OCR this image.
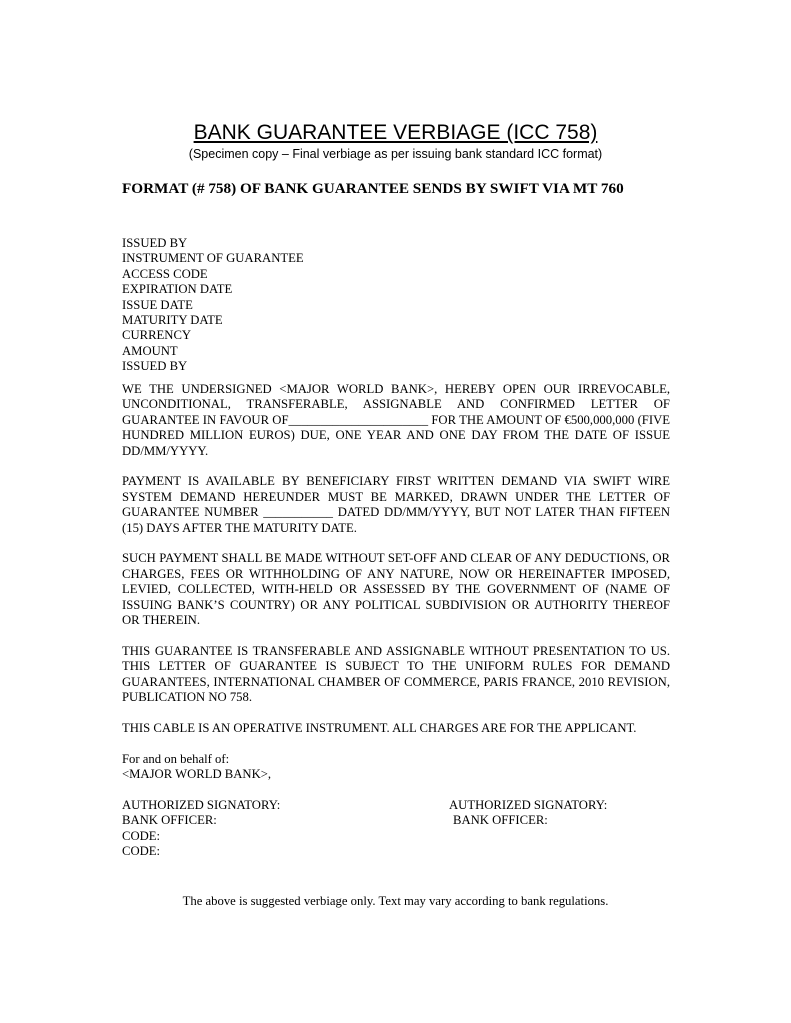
BANK GUARANTEE VERBIAGE (ICC 758)
(Specimen copy – Final verbiage as per issuing bank standard ICC format)
FORMAT (# 758) OF BANK GUARANTEE SENDS BY SWIFT VIA MT 760
ISSUED BY
INSTRUMENT OF GUARANTEE
ACCESS CODE
EXPIRATION DATE
ISSUE DATE
MATURITY DATE
CURRENCY
AMOUNT
ISSUED BY

WE THE UNDERSIGNED <MAJOR WORLD BANK>, HEREBY OPEN OUR IRREVOCABLE, UNCONDITIONAL, TRANSFERABLE, ASSIGNABLE AND CONFIRMED LETTER OF GUARANTEE IN FAVOUR OF______________________ FOR THE AMOUNT OF €500,000,000 (FIVE HUNDRED MILLION EUROS) DUE, ONE YEAR AND ONE DAY FROM THE DATE OF ISSUE DD/MM/YYYY.

PAYMENT IS AVAILABLE BY BENEFICIARY FIRST WRITTEN DEMAND VIA SWIFT WIRE SYSTEM DEMAND HEREUNDER MUST BE MARKED, DRAWN UNDER THE LETTER OF GUARANTEE NUMBER ___________ DATED DD/MM/YYYY, BUT NOT LATER THAN FIFTEEN (15) DAYS AFTER THE MATURITY DATE.

SUCH PAYMENT SHALL BE MADE WITHOUT SET-OFF AND CLEAR OF ANY DEDUCTIONS, OR CHARGES, FEES OR WITHHOLDING OF ANY NATURE, NOW OR HEREINAFTER IMPOSED, LEVIED, COLLECTED, WITH-HELD OR ASSESSED BY THE GOVERNMENT OF (NAME OF ISSUING BANK’S COUNTRY) OR ANY POLITICAL SUBDIVISION OR AUTHORITY THEREOF OR THEREIN.

THIS GUARANTEE IS TRANSFERABLE AND ASSIGNABLE WITHOUT PRESENTATION TO US. THIS LETTER OF GUARANTEE IS SUBJECT TO THE UNIFORM RULES FOR DEMAND GUARANTEES, INTERNATIONAL CHAMBER OF COMMERCE, PARIS FRANCE, 2010 REVISION, PUBLICATION NO 758.

THIS CABLE IS AN OPERATIVE INSTRUMENT. ALL CHARGES ARE FOR THE APPLICANT.

For and on behalf of:
<MAJOR WORLD BANK>,
AUTHORIZED SIGNATORY:	AUTHORIZED SIGNATORY:
BANK OFFICER:	BANK OFFICER:
CODE:
CODE:
The above is suggested verbiage only. Text may vary according to bank regulations.
